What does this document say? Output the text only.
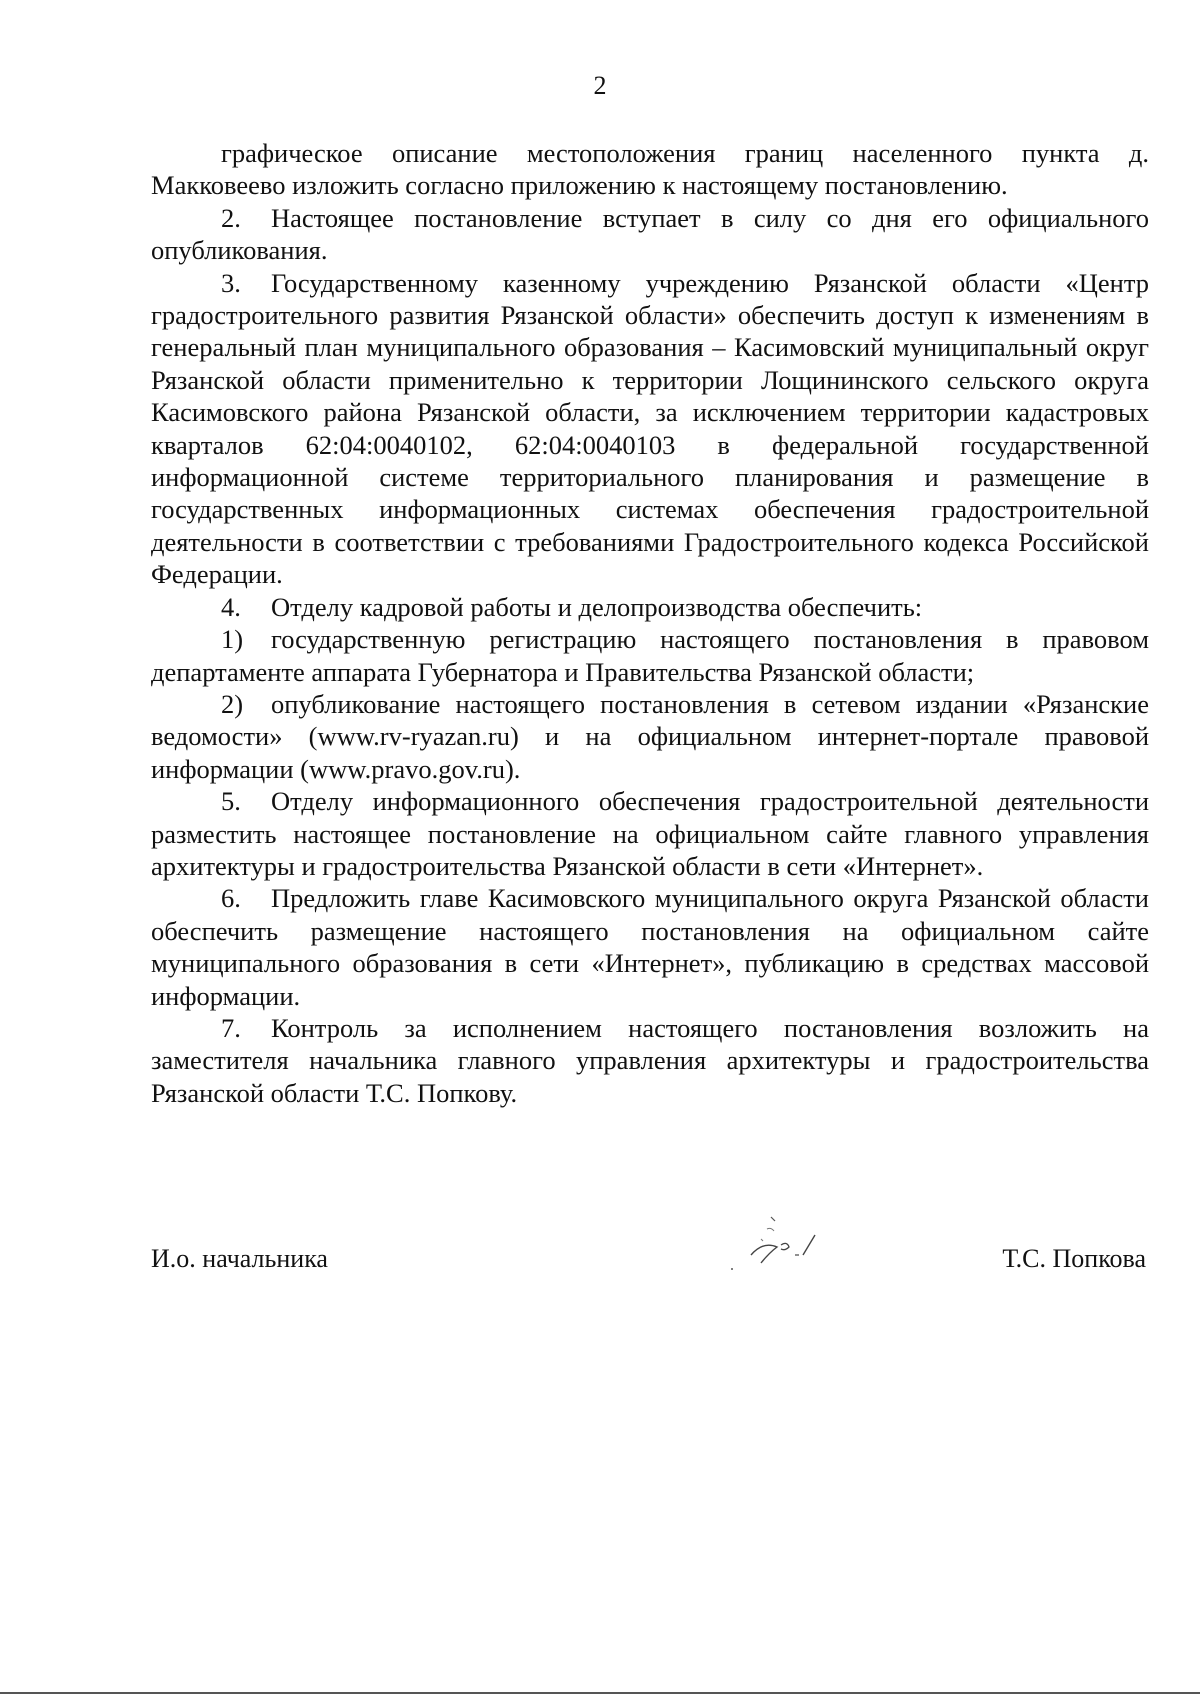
2

графическое описание местоположения границ населенного пункта д. Макковеево изложить согласно приложению к настоящему постановлению.

2. Настоящее постановление вступает в силу со дня его официального опубликования.

3. Государственному казенному учреждению Рязанской области «Центр градостроительного развития Рязанской области» обеспечить доступ к изменениям в генеральный план муниципального образования – Касимовский муниципальный округ Рязанской области применительно к территории Лощининского сельского округа Касимовского района Рязанской области, за исключением территории кадастровых кварталов 62:04:0040102, 62:04:0040103 в федеральной государственной информационной системе территориального планирования и размещение в государственных информационных системах обеспечения градостроительной деятельности в соответствии с требованиями Градостроительного кодекса Российской Федерации.

4. Отделу кадровой работы и делопроизводства обеспечить:

1) государственную регистрацию настоящего постановления в правовом департаменте аппарата Губернатора и Правительства Рязанской области;

2) опубликование настоящего постановления в сетевом издании «Рязанские ведомости» (www.rv-ryazan.ru) и на официальном интернет-портале правовой информации (www.pravo.gov.ru).

5. Отделу информационного обеспечения градостроительной деятельности разместить настоящее постановление на официальном сайте главного управления архитектуры и градостроительства Рязанской области в сети «Интернет».

6. Предложить главе Касимовского муниципального округа Рязанской области обеспечить размещение настоящего постановления на официальном сайте муниципального образования в сети «Интернет», публикацию в средствах массовой информации.

7. Контроль за исполнением настоящего постановления возложить на заместителя начальника главного управления архитектуры и градостроительства Рязанской области Т.С. Попкову.

И.о. начальника	Т.С. Попкова
